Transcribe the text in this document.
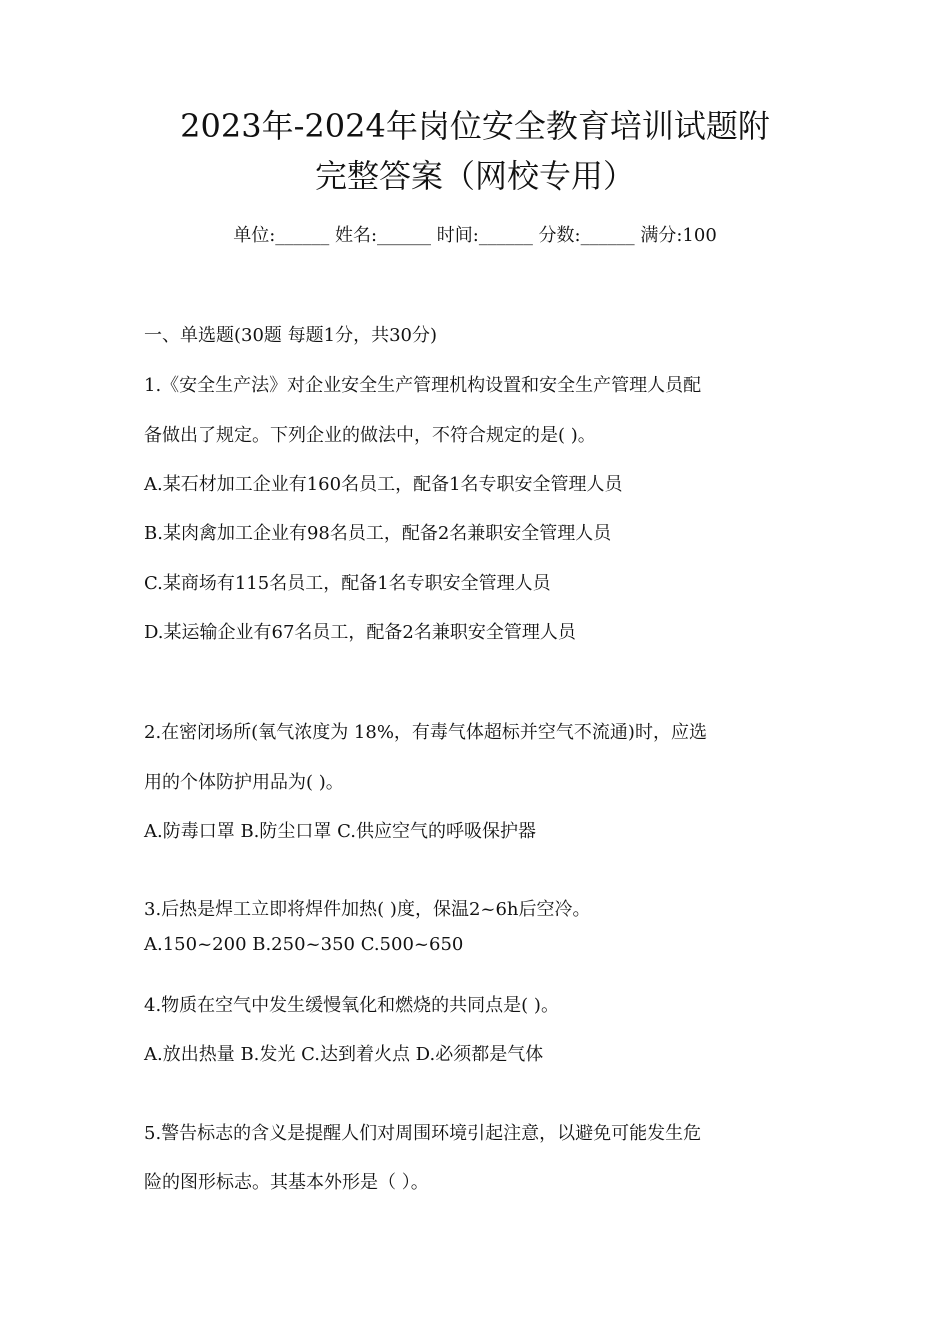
2023年-2024年岗位安全教育培训试题附
完整答案（网校专用）
单位:______ 姓名:______ 时间:______ 分数:______ 满分:100
一、单选题(30题 每题1分，共30分)
1.《安全生产法》对企业安全生产管理机构设置和安全生产管理人员配
备做出了规定。下列企业的做法中，不符合规定的是( )。
A.某石材加工企业有160名员工，配备1名专职安全管理人员
B.某肉禽加工企业有98名员工，配备2名兼职安全管理人员
C.某商场有115名员工，配备1名专职安全管理人员
D.某运输企业有67名员工，配备2名兼职安全管理人员
2.在密闭场所(氧气浓度为 18%，有毒气体超标并空气不流通)时，应选
用的个体防护用品为( )。
A.防毒口罩 B.防尘口罩 C.供应空气的呼吸保护器
3.后热是焊工立即将焊件加热( )度，保温2~6h后空冷。
A.150~200 B.250~350 C.500~650
4.物质在空气中发生缓慢氧化和燃烧的共同点是( )。
A.放出热量 B.发光 C.达到着火点 D.必须都是气体
5.警告标志的含义是提醒人们对周围环境引起注意，以避免可能发生危
险的图形标志。其基本外形是（ ）。
